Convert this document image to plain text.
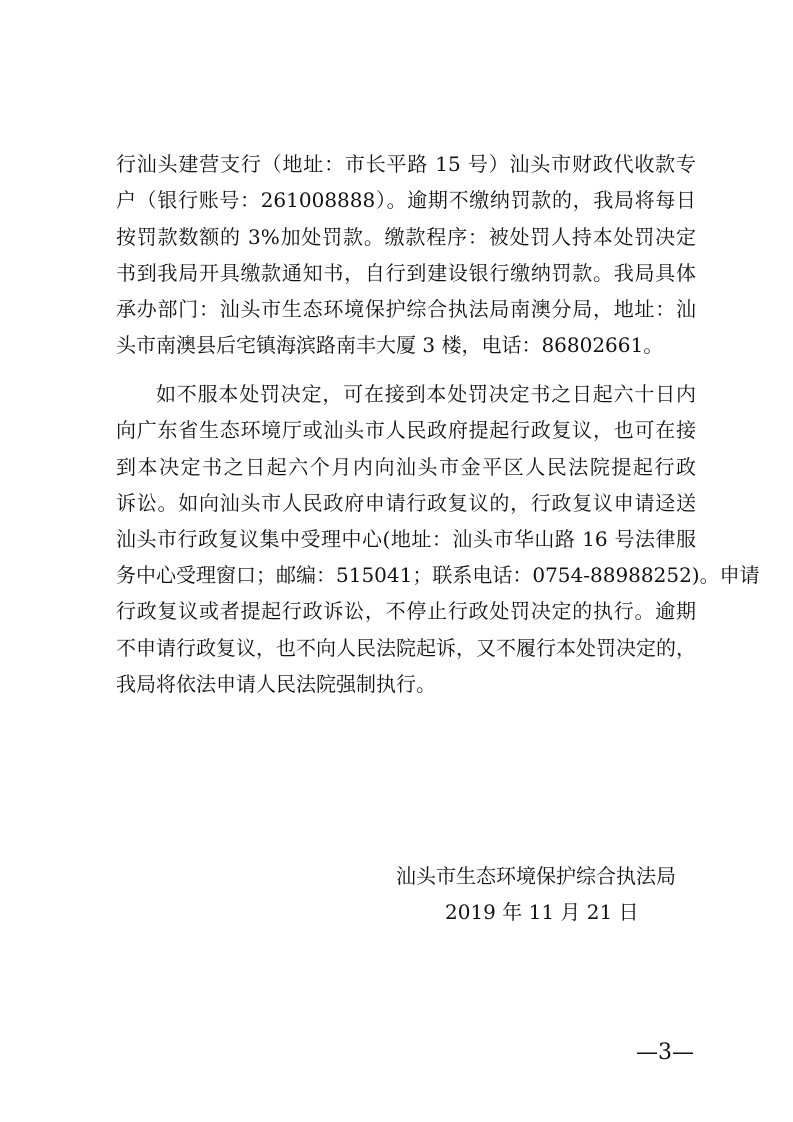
行汕头建营支行（地址：市长平路 15 号）汕头市财政代收款专
户（银行账号：261008888）。逾期不缴纳罚款的，我局将每日
按罚款数额的 3%加处罚款。缴款程序：被处罚人持本处罚决定
书到我局开具缴款通知书，自行到建设银行缴纳罚款。我局具体
承办部门：汕头市生态环境保护综合执法局南澳分局，地址：汕
头市南澳县后宅镇海滨路南丰大厦 3 楼，电话：86802661。
如不服本处罚决定，可在接到本处罚决定书之日起六十日内
向广东省生态环境厅或汕头市人民政府提起行政复议，也可在接
到本决定书之日起六个月内向汕头市金平区人民法院提起行政
诉讼。如向汕头市人民政府申请行政复议的，行政复议申请迳送
汕头市行政复议集中受理中心(地址：汕头市华山路 16 号法律服
务中心受理窗口；邮编：515041；联系电话：0754-88988252)。申请
行政复议或者提起行政诉讼，不停止行政处罚决定的执行。逾期
不申请行政复议，也不向人民法院起诉，又不履行本处罚决定的，
我局将依法申请人民法院强制执行。
汕头市生态环境保护综合执法局
2019 年 11 月 21 日
—3—
